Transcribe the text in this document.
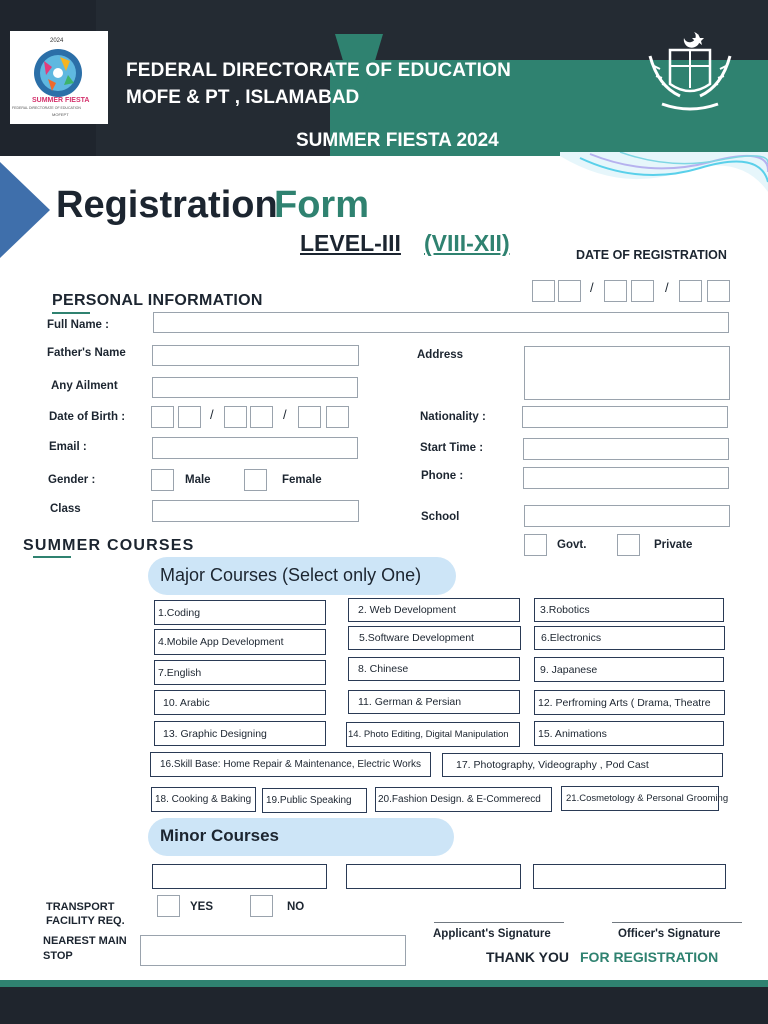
2024
SUMMER FIESTA
FEDERAL DIRECTORATE OF EDUCATION
MOFEPT
FEDERAL DIRECTORATE OF EDUCATION
MOFE & PT , ISLAMABAD
SUMMER FIESTA 2024
Registration
Form
LEVEL-III (VIII-XII)	DATE OF REGISTRATION
/	/
PERSONAL INFORMATION
Full Name :
Father's Name	Address
Any Ailment
Date of Birth :	/	/	Nationality :
Email :	Start Time :
Gender :	Male	Female	Phone :
Class
School
Govt.	Private
SUMMER COURSES
Major Courses (Select only One)
1.Coding	2. Web Development	3.Robotics
4.Mobile App Development	5.Software Development	6.Electronics
7.English	8. Chinese	9. Japanese
10. Arabic	11. German & Persian	12. Perfroming Arts ( Drama, Theatre
13. Graphic Designing	14. Photo Editing, Digital Manipulation	15. Animations
16.Skill Base: Home Repair & Maintenance, Electric Works	17. Photography, Videography , Pod Cast
18. Cooking & Baking	19.Public Speaking	20.Fashion Design. & E-Commerecd	21.Cosmetology & Personal Grooming
Minor Courses
TRANSPORT
FACILITY REQ.
YES	NO
NEAREST MAIN
STOP
Applicant's Signature	Officer's Signature
THANK YOU FOR REGISTRATION
